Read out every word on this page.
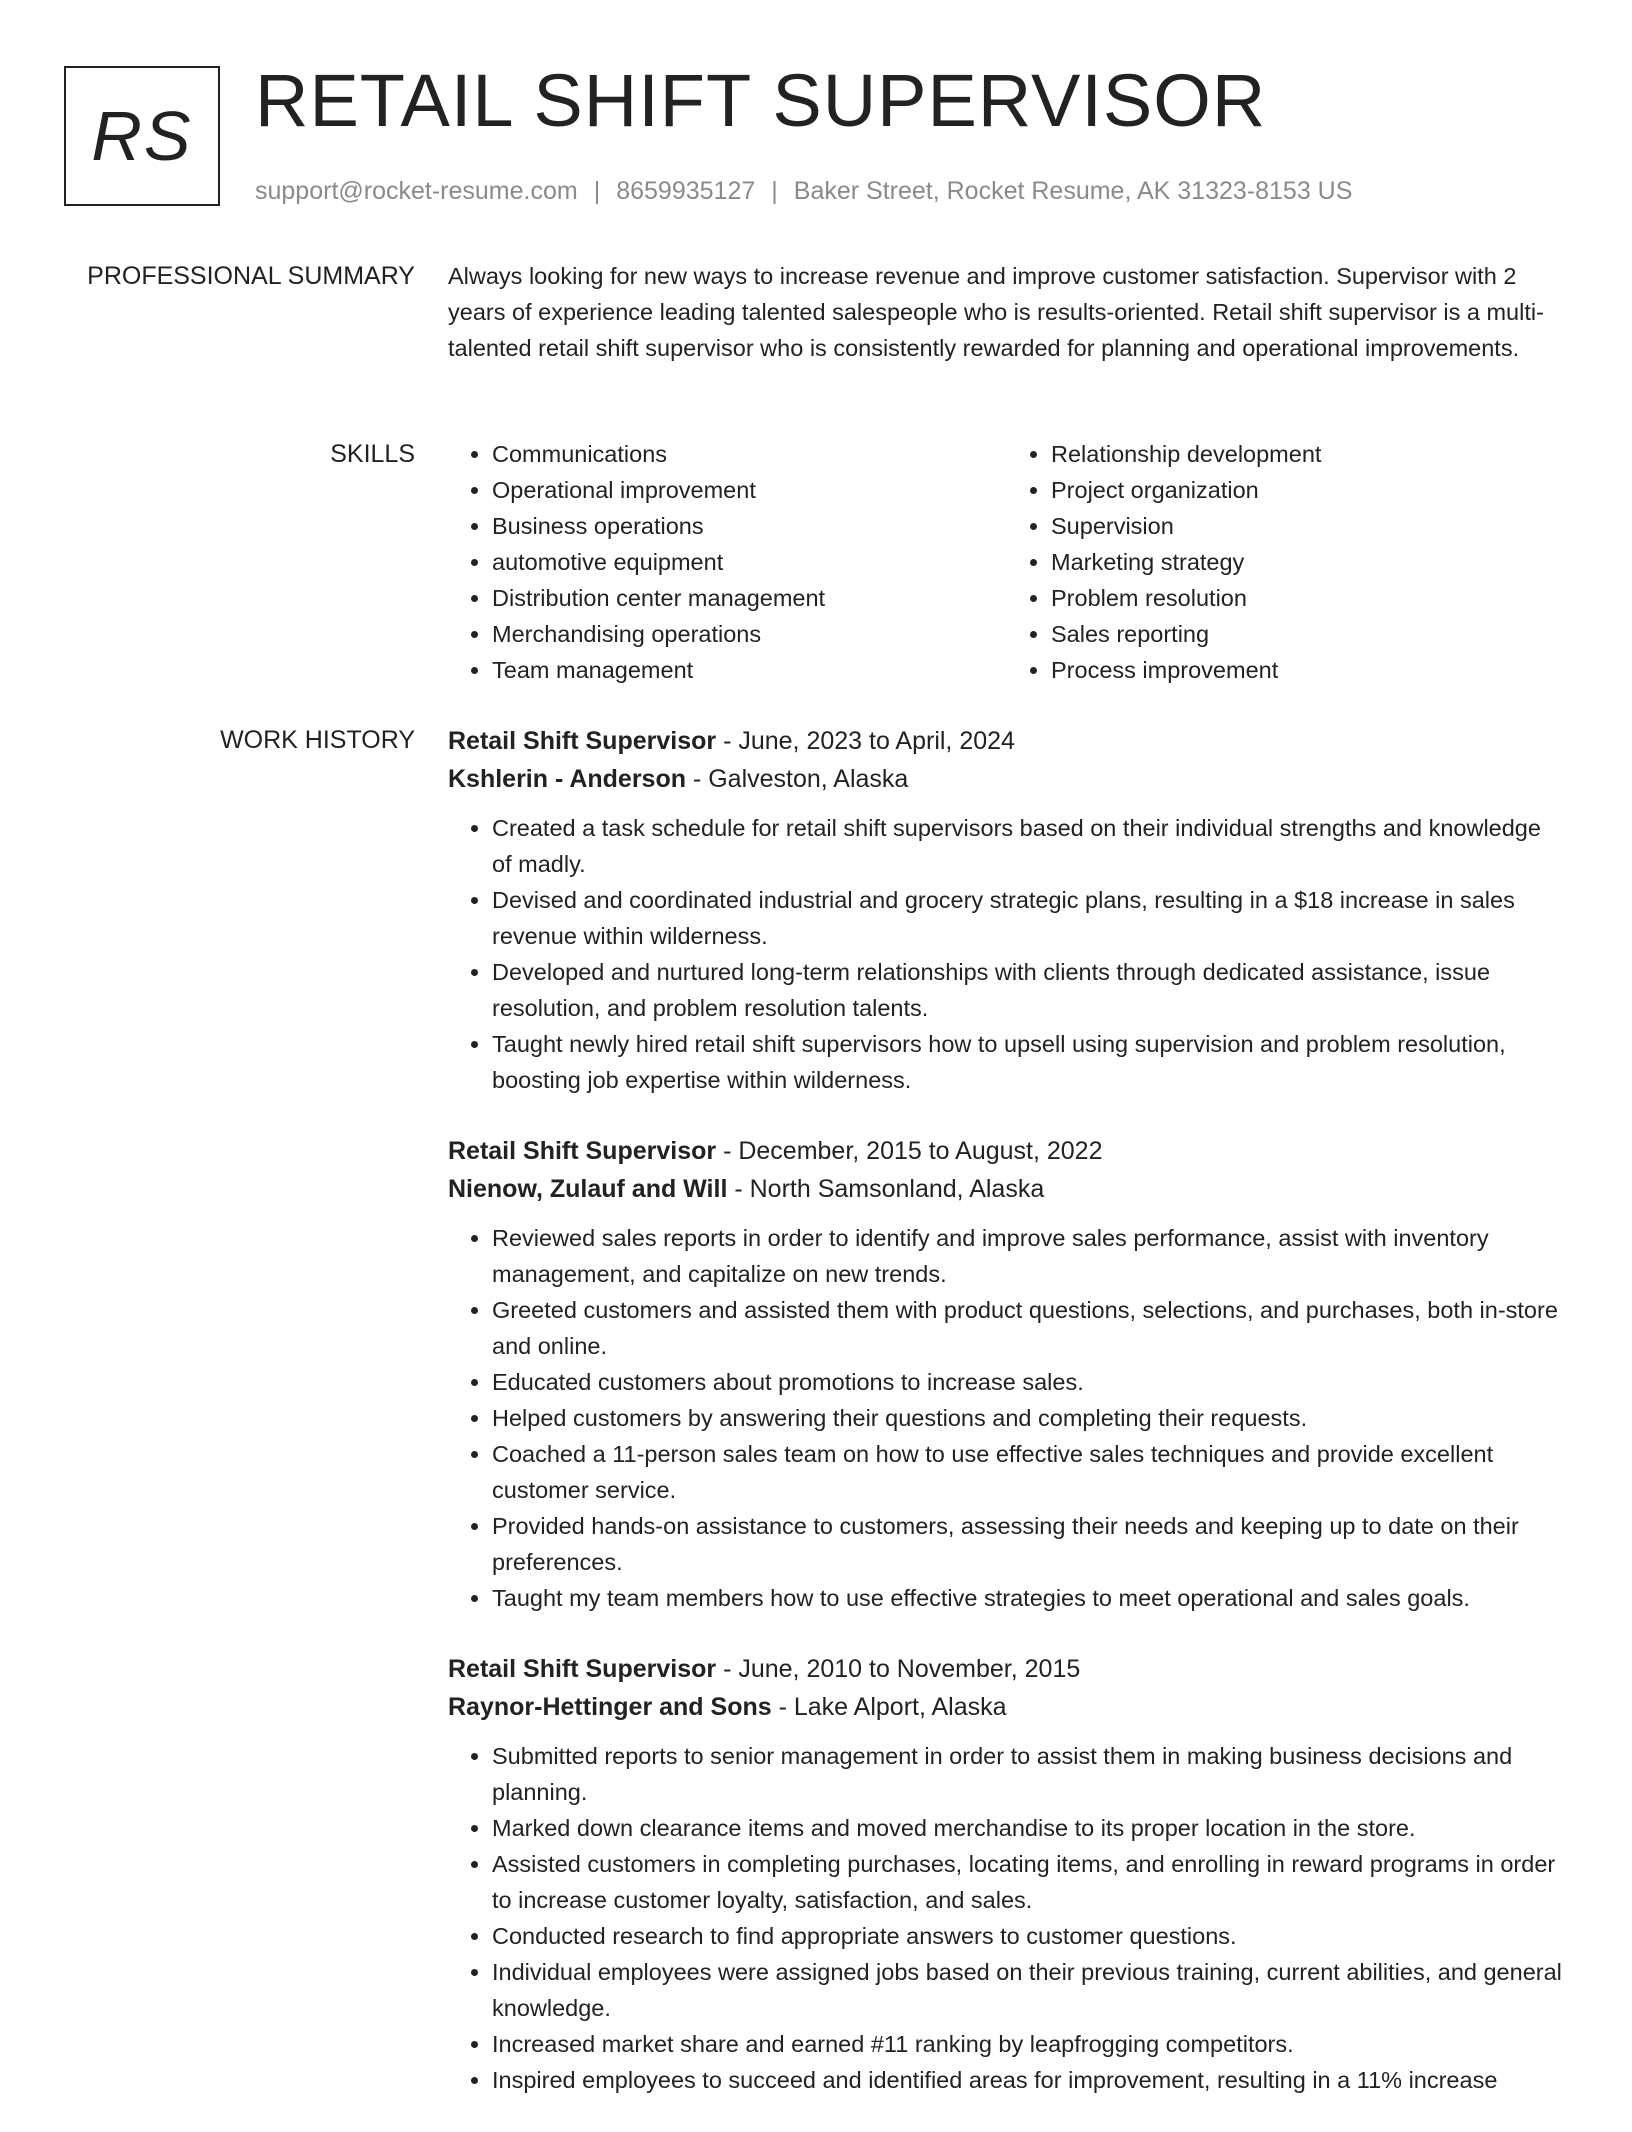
RS RETAIL SHIFT SUPERVISOR
support@rocket-resume.com | 8659935127 | Baker Street, Rocket Resume, AK 31323-8153 US
PROFESSIONAL SUMMARY Always looking for new ways to increase revenue and improve customer satisfaction. Supervisor with 2 years of experience leading talented salespeople who is results-oriented. Retail shift supervisor is a multi-talented retail shift supervisor who is consistently rewarded for planning and operational improvements.

SKILLS
•	Communications
• Operational improvement
• Business operations
• automotive equipment
• Distribution center management
• Merchandising operations
• Team management
• Relationship development
• Project organization
• Supervision
• Marketing strategy
• Problem resolution
• Sales reporting
• Process improvement
WORK HISTORY Retail Shift Supervisor - June, 2023 to April, 2024
Kshlerin - Anderson - Galveston, Alaska
• Created a task schedule for retail shift supervisors based on their individual strengths and knowledge of madly.
• Devised and coordinated industrial and grocery strategic plans, resulting in a $18 increase in sales revenue within wilderness.
• Developed and nurtured long-term relationships with clients through dedicated assistance, issue resolution, and problem resolution talents.
• Taught newly hired retail shift supervisors how to upsell using supervision and problem resolution, boosting job expertise within wilderness.
Retail Shift Supervisor - December, 2015 to August, 2022
Nienow, Zulauf and Will - North Samsonland, Alaska
• Reviewed sales reports in order to identify and improve sales performance, assist with inventory management, and capitalize on new trends.
• Greeted customers and assisted them with product questions, selections, and purchases, both in-store and online.
• Educated customers about promotions to increase sales.
• Helped customers by answering their questions and completing their requests.
• Coached a 11-person sales team on how to use effective sales techniques and provide excellent customer service.
• Provided hands-on assistance to customers, assessing their needs and keeping up to date on their preferences.
• Taught my team members how to use effective strategies to meet operational and sales goals.
Retail Shift Supervisor - June, 2010 to November, 2015
Raynor-Hettinger and Sons - Lake Alport, Alaska
• Submitted reports to senior management in order to assist them in making business decisions and planning.
• Marked down clearance items and moved merchandise to its proper location in the store.
• Assisted customers in completing purchases, locating items, and enrolling in reward programs in order to increase customer loyalty, satisfaction, and sales.
• Conducted research to find appropriate answers to customer questions.
• Individual employees were assigned jobs based on their previous training, current abilities, and general knowledge.
• Increased market share and earned #11 ranking by leapfrogging competitors.
• Inspired employees to succeed and identified areas for improvement, resulting in a 11% increase
